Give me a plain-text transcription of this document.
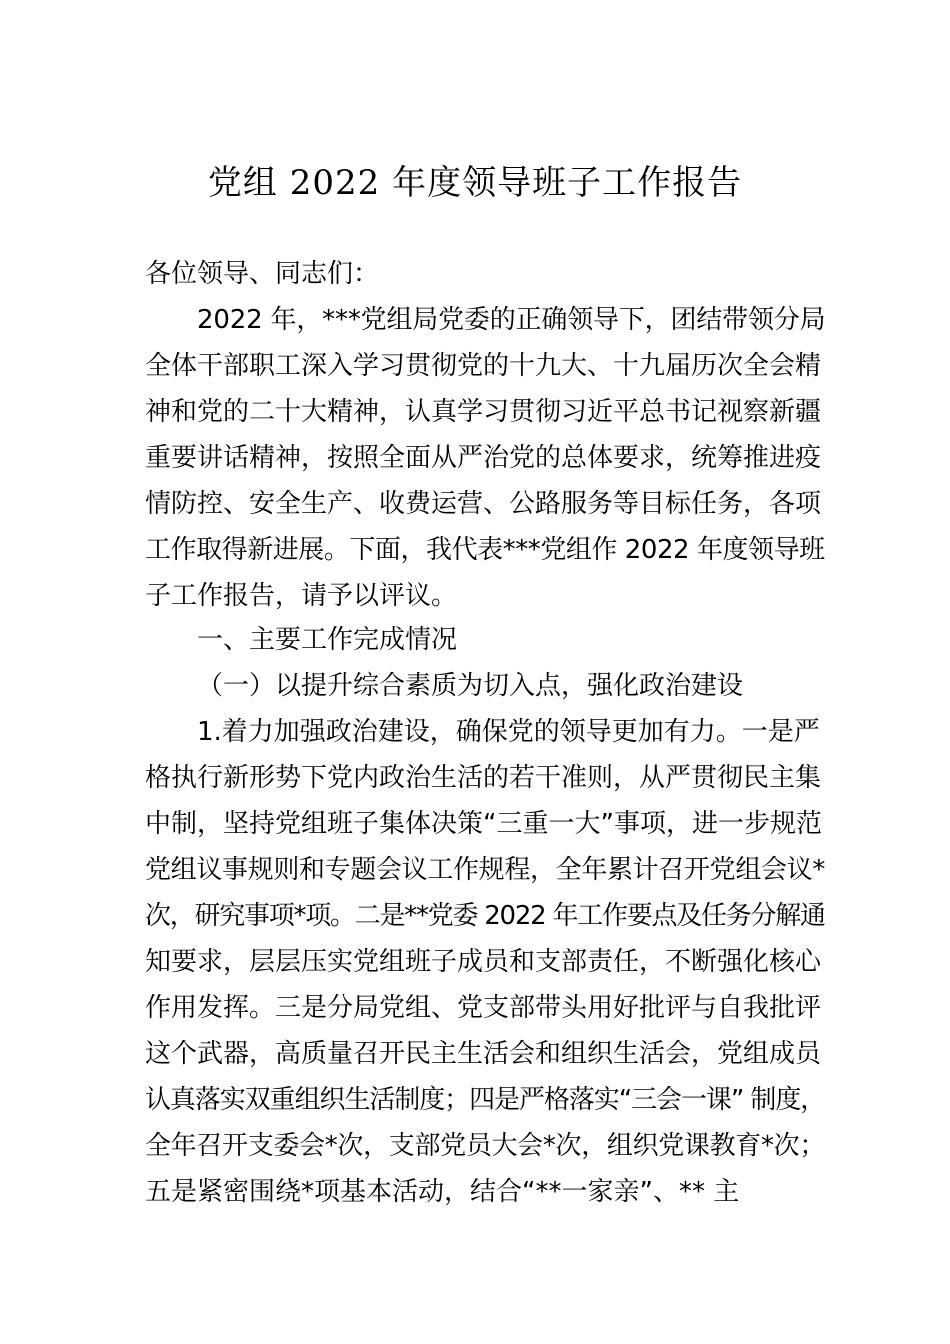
党组 2022 年度领导班子工作报告

各位领导、同志们：

2022 年，***党组局党委的正确领导下，团结带领分局

全体干部职工深入学习贯彻党的十九大、十九届历次全会精

神和党的二十大精神，认真学习贯彻习近平总书记视察新疆

重要讲话精神，按照全面从严治党的总体要求，统筹推进疫

情防控、安全生产、收费运营、公路服务等目标任务，各项

工作取得新进展。下面，我代表***党组作 2022 年度领导班

子工作报告，请予以评议。

一、主要工作完成情况

（一）以提升综合素质为切入点，强化政治建设

1.着力加强政治建设，确保党的领导更加有力。一是严

格执行新形势下党内政治生活的若干准则，从严贯彻民主集

中制，坚持党组班子集体决策“三重一大”事项，进一步规范

党组议事规则和专题会议工作规程，全年累计召开党组会议*

次，研究事项*项。二是**党委 2022 年工作要点及任务分解通

知要求，层层压实党组班子成员和支部责任，不断强化核心

作用发挥。三是分局党组、党支部带头用好批评与自我批评

这个武器，高质量召开民主生活会和组织生活会，党组成员

认真落实双重组织生活制度；四是严格落实“三会一课” 制度，

全年召开支委会*次，支部党员大会*次，组织党课教育*次；

五是紧密围绕*项基本活动，结合“**一家亲”、** 主
